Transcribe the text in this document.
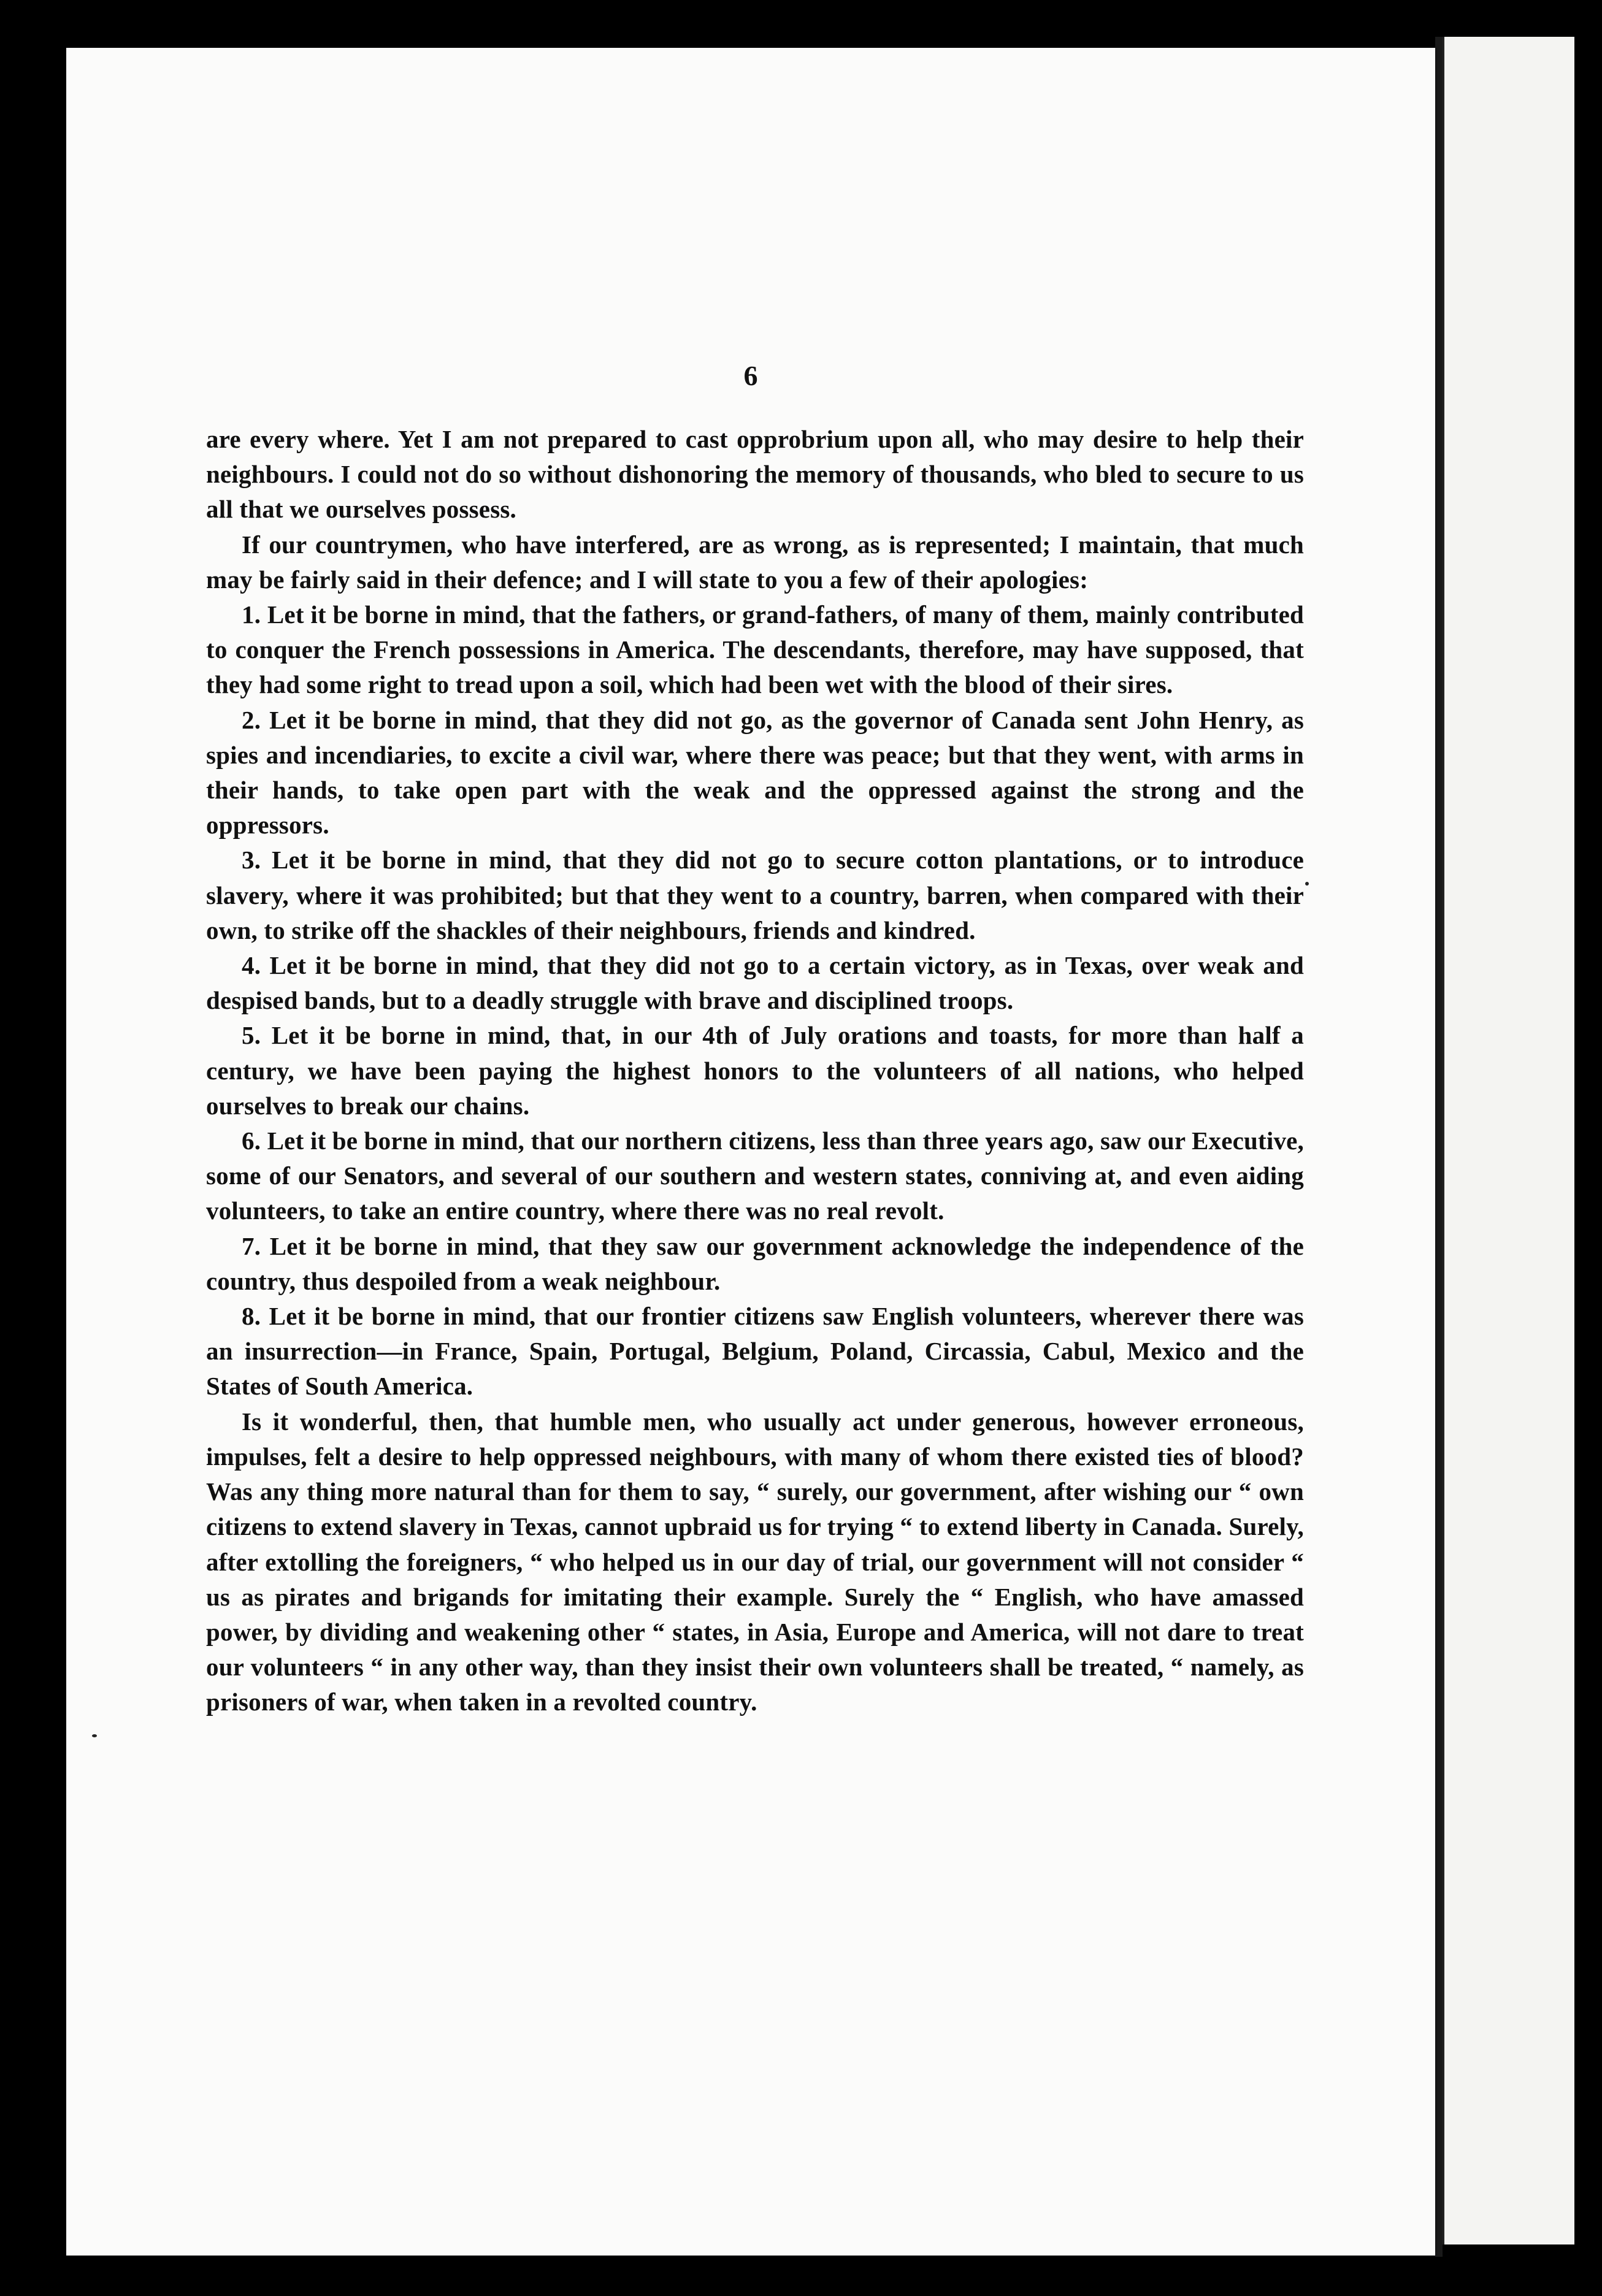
6

are every where. Yet I am not prepared to cast opprobrium upon all, who may desire to help their neighbours. I could not do so without dishonoring the memory of thousands, who bled to secure to us all that we ourselves possess.

If our countrymen, who have interfered, are as wrong, as is represented; I maintain, that much may be fairly said in their defence; and I will state to you a few of their apologies:

1. Let it be borne in mind, that the fathers, or grand-fathers, of many of them, mainly contributed to conquer the French possessions in America. The descendants, therefore, may have supposed, that they had some right to tread upon a soil, which had been wet with the blood of their sires.

2. Let it be borne in mind, that they did not go, as the governor of Canada sent John Henry, as spies and incendiaries, to excite a civil war, where there was peace; but that they went, with arms in their hands, to take open part with the weak and the oppressed against the strong and the oppressors.

3. Let it be borne in mind, that they did not go to secure cotton plantations, or to introduce slavery, where it was prohibited; but that they went to a country, barren, when compared with their own, to strike off the shackles of their neighbours, friends and kindred.

4. Let it be borne in mind, that they did not go to a certain victory, as in Texas, over weak and despised bands, but to a deadly struggle with brave and disciplined troops.

5. Let it be borne in mind, that, in our 4th of July orations and toasts, for more than half a century, we have been paying the highest honors to the volunteers of all nations, who helped ourselves to break our chains.

6. Let it be borne in mind, that our northern citizens, less than three years ago, saw our Executive, some of our Senators, and several of our southern and western states, conniving at, and even aiding volunteers, to take an entire country, where there was no real revolt.

7. Let it be borne in mind, that they saw our government acknowledge the independence of the country, thus despoiled from a weak neighbour.

8. Let it be borne in mind, that our frontier citizens saw English volunteers, wherever there was an insurrection—in France, Spain, Portugal, Belgium, Poland, Circassia, Cabul, Mexico and the States of South America.

Is it wonderful, then, that humble men, who usually act under generous, however erroneous, impulses, felt a desire to help oppressed neighbours, with many of whom there existed ties of blood? Was any thing more natural than for them to say, “ surely, our government, after wishing our “ own citizens to extend slavery in Texas, cannot upbraid us for trying “ to extend liberty in Canada. Surely, after extolling the foreigners, “ who helped us in our day of trial, our government will not consider “ us as pirates and brigands for imitating their example. Surely the “ English, who have amassed power, by dividing and weakening other “ states, in Asia, Europe and America, will not dare to treat our volunteers “ in any other way, than they insist their own volunteers shall be treated, “ namely, as prisoners of war, when taken in a revolted country.
